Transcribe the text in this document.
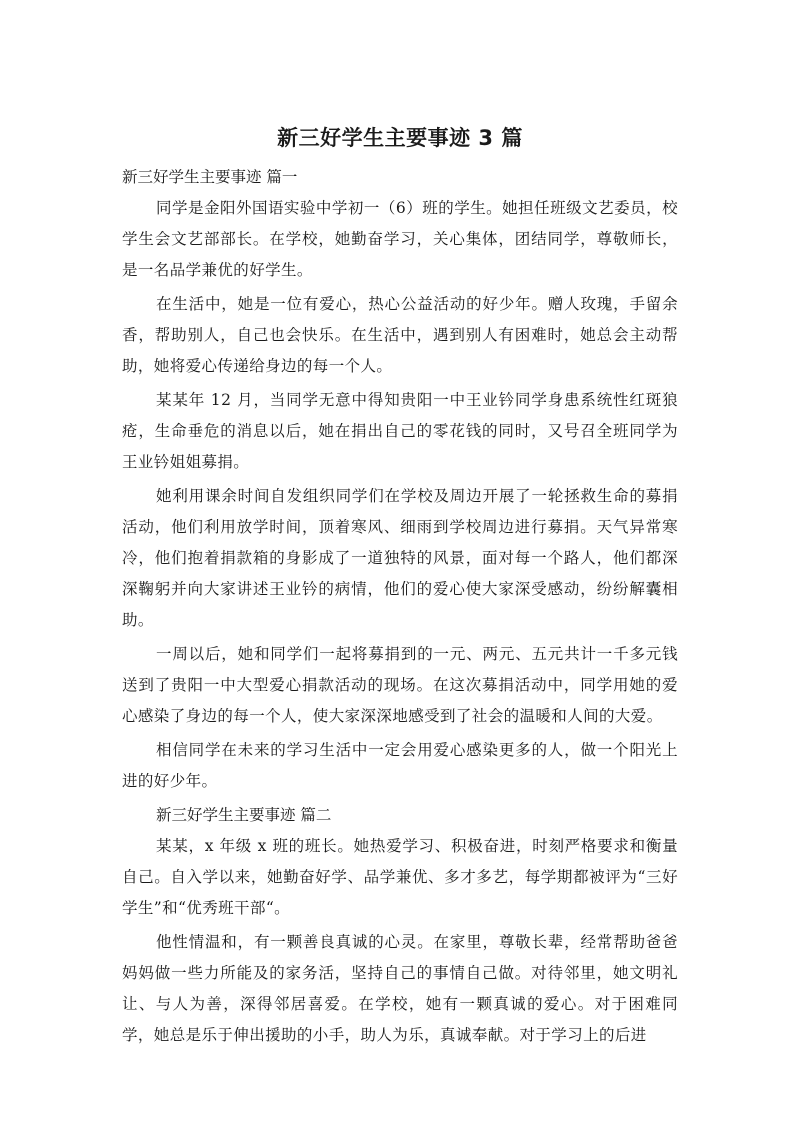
新三好学生主要事迹 3 篇

新三好学生主要事迹 篇一

同学是金阳外国语实验中学初一（6）班的学生。她担任班级文艺委员，校学生会文艺部部长。在学校，她勤奋学习，关心集体，团结同学，尊敬师长，是一名品学兼优的好学生。

在生活中，她是一位有爱心，热心公益活动的好少年。赠人玫瑰，手留余香，帮助别人，自己也会快乐。在生活中，遇到别人有困难时，她总会主动帮助，她将爱心传递给身边的每一个人。

某某年 12 月，当同学无意中得知贵阳一中王业钤同学身患系统性红斑狼疮，生命垂危的消息以后，她在捐出自己的零花钱的同时，又号召全班同学为王业钤姐姐募捐。

她利用课余时间自发组织同学们在学校及周边开展了一轮拯救生命的募捐活动，他们利用放学时间，顶着寒风、细雨到学校周边进行募捐。天气异常寒冷，他们抱着捐款箱的身影成了一道独特的风景，面对每一个路人，他们都深深鞠躬并向大家讲述王业钤的病情，他们的爱心使大家深受感动，纷纷解囊相助。

一周以后，她和同学们一起将募捐到的一元、两元、五元共计一千多元钱送到了贵阳一中大型爱心捐款活动的现场。在这次募捐活动中，同学用她的爱心感染了身边的每一个人，使大家深深地感受到了社会的温暖和人间的大爱。

相信同学在未来的学习生活中一定会用爱心感染更多的人，做一个阳光上进的好少年。

新三好学生主要事迹 篇二

某某，x 年级 x 班的班长。她热爱学习、积极奋进，时刻严格要求和衡量自己。自入学以来，她勤奋好学、品学兼优、多才多艺，每学期都被评为“三好学生”和“优秀班干部“。

他性情温和，有一颗善良真诚的心灵。在家里，尊敬长辈，经常帮助爸爸妈妈做一些力所能及的家务活，坚持自己的事情自己做。对待邻里，她文明礼让、与人为善，深得邻居喜爱。在学校，她有一颗真诚的爱心。对于困难同学，她总是乐于伸出援助的小手，助人为乐，真诚奉献。对于学习上的后进
